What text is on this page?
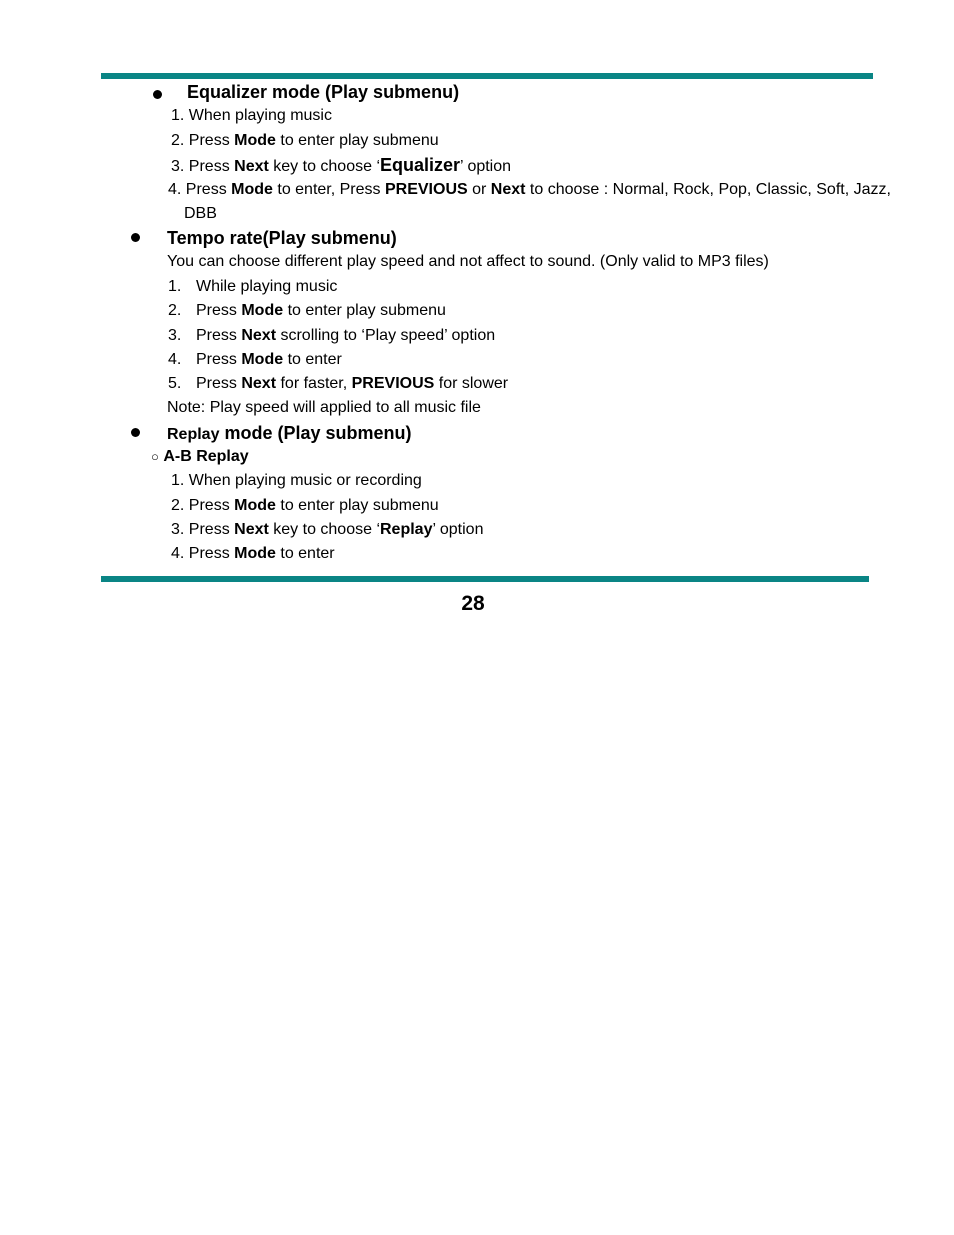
Equalizer mode (Play submenu)
1. When playing music
2. Press Mode to enter play submenu
3. Press Next key to choose ‘Equalizer’ option
4. Press Mode to enter, Press PREVIOUS or Next to choose : Normal, Rock, Pop, Classic, Soft, Jazz,
DBB
Tempo rate(Play submenu)
You can choose different play speed and not affect to sound. (Only valid to MP3 files)
1. While playing music
2. Press Mode to enter play submenu
3. Press Next scrolling to ‘Play speed’ option
4. Press Mode to enter
5. Press Next for faster, PREVIOUS for slower
Note: Play speed will applied to all music file
Replay mode (Play submenu)
○ A-B Replay
1. When playing music or recording
2. Press Mode to enter play submenu
3. Press Next key to choose ‘Replay’ option
4. Press Mode to enter
28
